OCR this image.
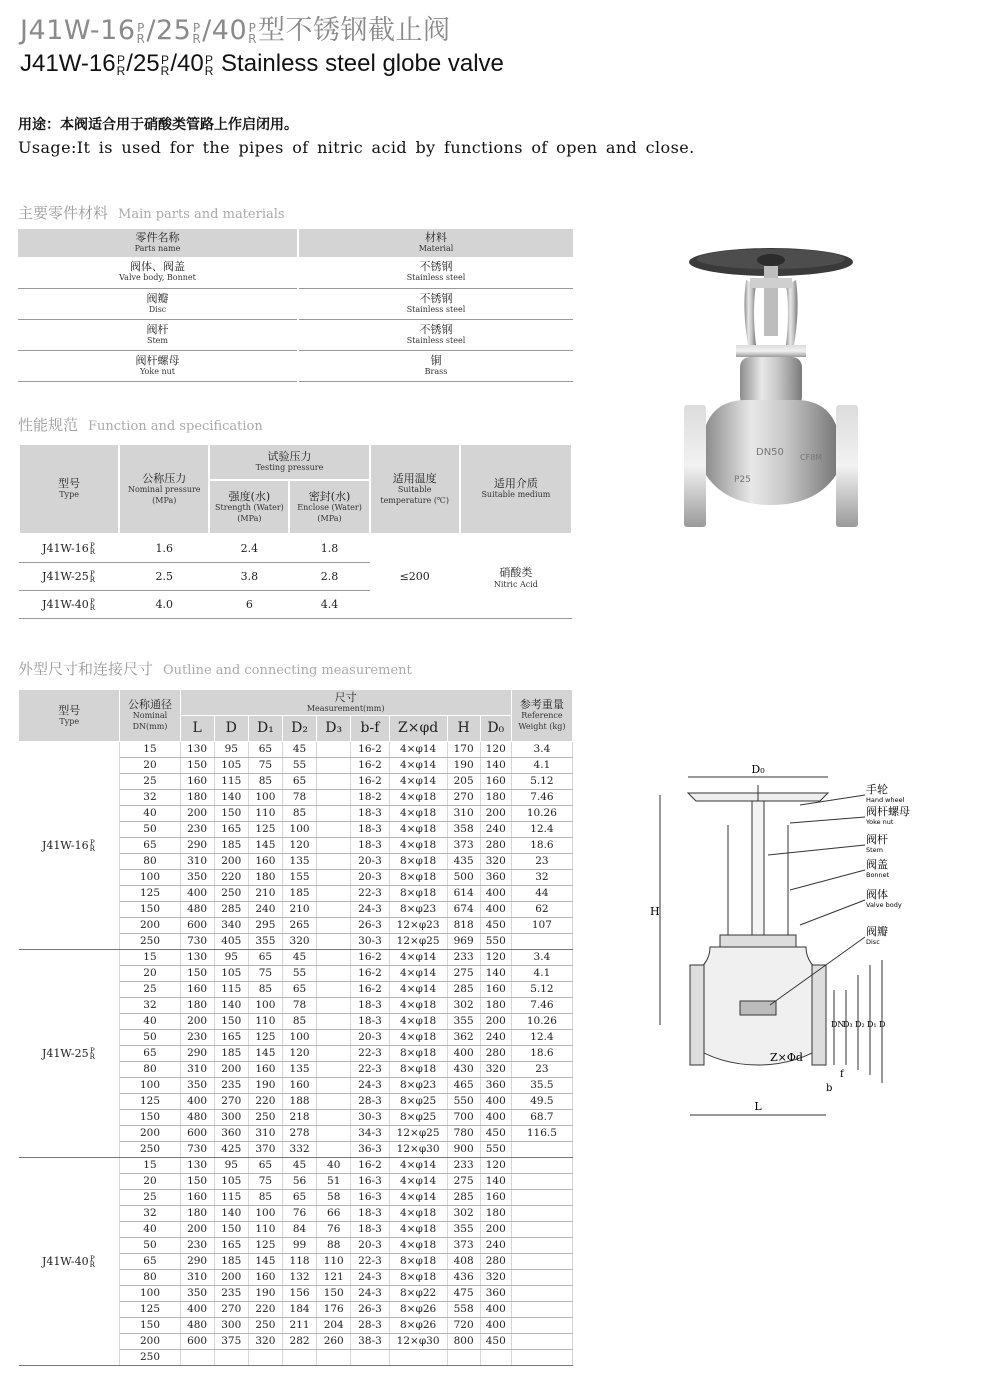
J41W-16 P
R /25 P
R /40 P
R 型不锈钢截止阀
J41W-16 P
R /25 P
R /40 P
R Stainless steel globe valve
用途：本阀适合用于硝酸类管路上作启闭用。
Usage:It is used for the pipes of nitric acid by functions of open and close.
主要零件材料 Main parts and materials
零件名称
Parts name	材料
Material

阀体、阀盖
Valve body, Bonnet	不锈钢
Stainless steel

阀瓣
Disc	不锈钢
Stainless steel

阀杆
Stem	不锈钢
Stainless steel

阀杆螺母
Yoke nut	铜
Brass
性能规范 Function and specification
型号
Type	公称压力
Nominal pressure (MPa)	试验压力
Testing pressure		适用温度
Suitable temperature (℃)	适用介质
Suitable medium

		强度(水)
Strength (Water) (MPa)	密封(水)
Enclose (Water) (MPa)		

J41W-16 P
R	1.6	2.4	1.8	≤200	硝酸类
Nitric Acid

J41W-25 P
R	2.5	3.8	2.8		
J41W-40 P
R	4.0	6	4.4		
外型尺寸和连接尺寸 Outline and connecting measurement
型号
Type	公称通径
Nominal DN(mm)	尺寸
Measurement(mm)									参考重量
Reference Weight (kg)

		L	D	D₁	D₂	D₃	b-f	Z×φd	H	D₀	
J41W-16 P
R	15	130	95	65	45		16-2	4×φ14	170	120	3.4
	20	150	105	75	55		16-2	4×φ14	190	140	4.1
	25	160	115	85	65		16-2	4×φ14	205	160	5.12
	32	180	140	100	78		18-2	4×φ18	270	180	7.46
	40	200	150	110	85		18-3	4×φ18	310	200	10.26
	50	230	165	125	100		18-3	4×φ18	358	240	12.4
	65	290	185	145	120		18-3	4×φ18	373	280	18.6
	80	310	200	160	135		20-3	8×φ18	435	320	23
	100	350	220	180	155		20-3	8×φ18	500	360	32
	125	400	250	210	185		22-3	8×φ18	614	400	44
	150	480	285	240	210		24-3	8×φ23	674	400	62
	200	600	340	295	265		26-3	12×φ23	818	450	107
	250	730	405	355	320		30-3	12×φ25	969	550	
J41W-25 P
R	15	130	95	65	45		16-2	4×φ14	233	120	3.4
	20	150	105	75	55		16-2	4×φ14	275	140	4.1
	25	160	115	85	65		16-2	4×φ14	285	160	5.12
	32	180	140	100	78		18-3	4×φ18	302	180	7.46
	40	200	150	110	85		18-3	4×φ18	355	200	10.26
	50	230	165	125	100		20-3	4×φ18	362	240	12.4
	65	290	185	145	120		22-3	8×φ18	400	280	18.6
	80	310	200	160	135		22-3	8×φ18	430	320	23
	100	350	235	190	160		24-3	8×φ23	465	360	35.5
	125	400	270	220	188		28-3	8×φ25	550	400	49.5
	150	480	300	250	218		30-3	8×φ25	700	400	68.7
	200	600	360	310	278		34-3	12×φ25	780	450	116.5
	250	730	425	370	332		36-3	12×φ30	900	550	
J41W-40 P
R	15	130	95	65	45	40	16-2	4×φ14	233	120	
	20	150	105	75	56	51	16-3	4×φ14	275	140	
	25	160	115	85	65	58	16-3	4×φ14	285	160	
	32	180	140	100	76	66	18-3	4×φ18	302	180	
	40	200	150	110	84	76	18-3	4×φ18	355	200	
	50	230	165	125	99	88	20-3	4×φ18	373	240	
	65	290	185	145	118	110	22-3	8×φ18	408	280	
	80	310	200	160	132	121	24-3	8×φ18	436	320	
	100	350	235	190	156	150	24-3	8×φ22	475	360	
	125	400	270	220	184	176	26-3	8×φ26	558	400	
	150	480	300	250	211	204	28-3	8×φ26	720	400	
	200	600	375	320	282	260	38-3	12×φ30	800	450	
	250										
DN50 CF8M
P25
D₀
H
L
Z×Φd
f
b
DN
D₃ D₂ D₁ D
手轮
Hand wheel
阀杆螺母
Yoke nut
阀杆
Stem
阀盖
Bonnet
阀体
Valve body
阀瓣
Disc
